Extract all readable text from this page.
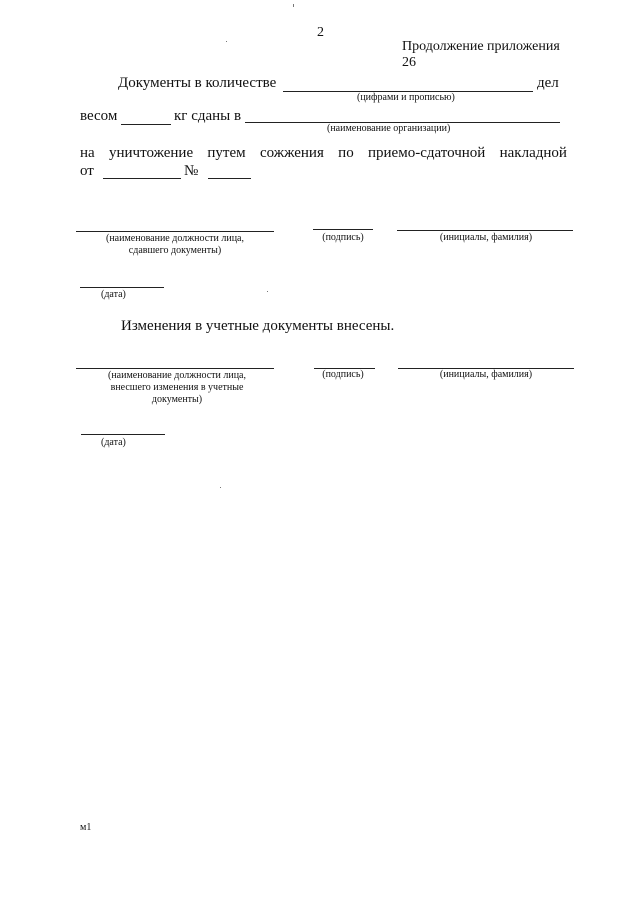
2
Продолжение приложения 26
Документы в количестве	дел
(цифрами и прописью)
весом	кг сданы в
(наименование организации)
на уничтожение путем сожжения по приемо-сдаточной накладной
от	№
(наименование должности лица, сдавшего документы)
(подпись)	(инициалы, фамилия)
(дата)
Изменения в учетные документы внесены.
(наименование должности лица, внесшего изменения в учетные документы)
(подпись)	(инициалы, фамилия)
(дата)
м1
